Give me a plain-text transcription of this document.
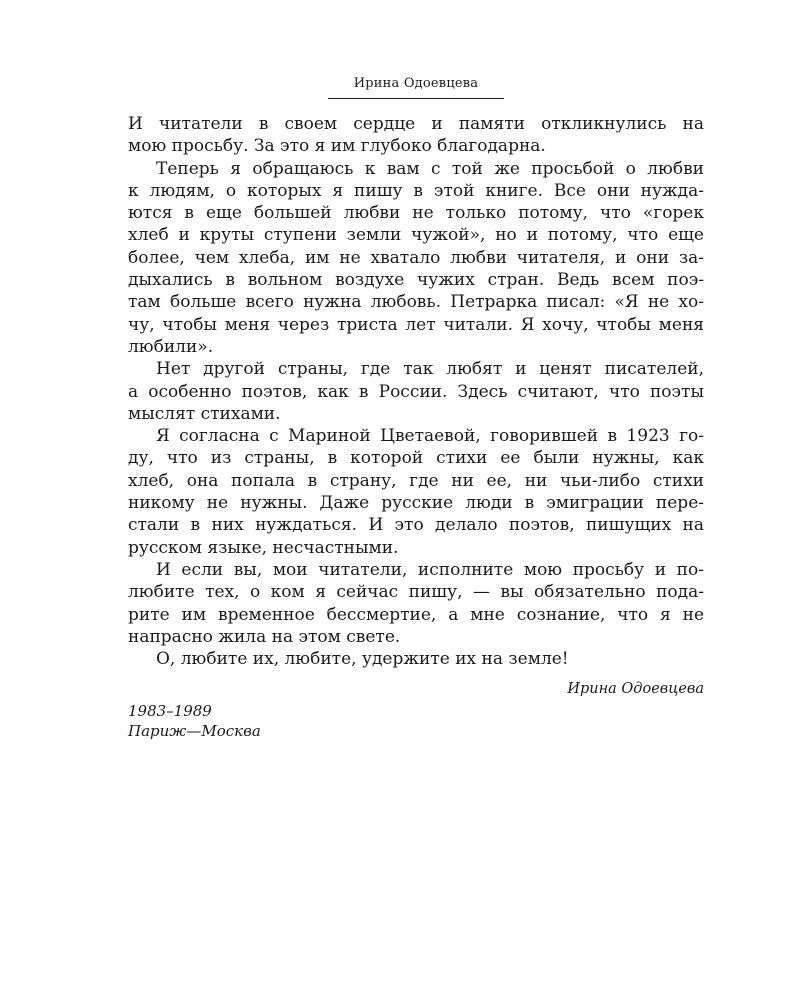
Ирина Одоевцева
И читатели в своем сердце и памяти откликнулись на
мою просьбу. За это я им глубоко благодарна.
Теперь я обращаюсь к вам с той же просьбой о любви
к людям, о которых я пишу в этой книге. Все они нужда-
ются в еще большей любви не только потому, что «горек
хлеб и круты ступени земли чужой», но и потому, что еще
более, чем хлеба, им не хватало любви читателя, и они за-
дыхались в вольном воздухе чужих стран. Ведь всем поэ-
там больше всего нужна любовь. Петрарка писал: «Я не хо-
чу, чтобы меня через триста лет читали. Я хочу, чтобы меня
любили».
Нет другой страны, где так любят и ценят писателей,
а особенно поэтов, как в России. Здесь считают, что поэты
мыслят стихами.
Я согласна с Мариной Цветаевой, говорившей в 1923 го-
ду, что из страны, в которой стихи ее были нужны, как
хлеб, она попала в страну, где ни ее, ни чьи-либо стихи
никому не нужны. Даже русские люди в эмиграции пере-
стали в них нуждаться. И это делало поэтов, пишущих на
русском языке, несчастными.
И если вы, мои читатели, исполните мою просьбу и по-
любите тех, о ком я сейчас пишу, — вы обязательно пода-
рите им временное бессмертие, а мне сознание, что я не
напрасно жила на этом свете.
О, любите их, любите, удержите их на земле!
Ирина Одоевцева
1983–1989
Париж—Москва
